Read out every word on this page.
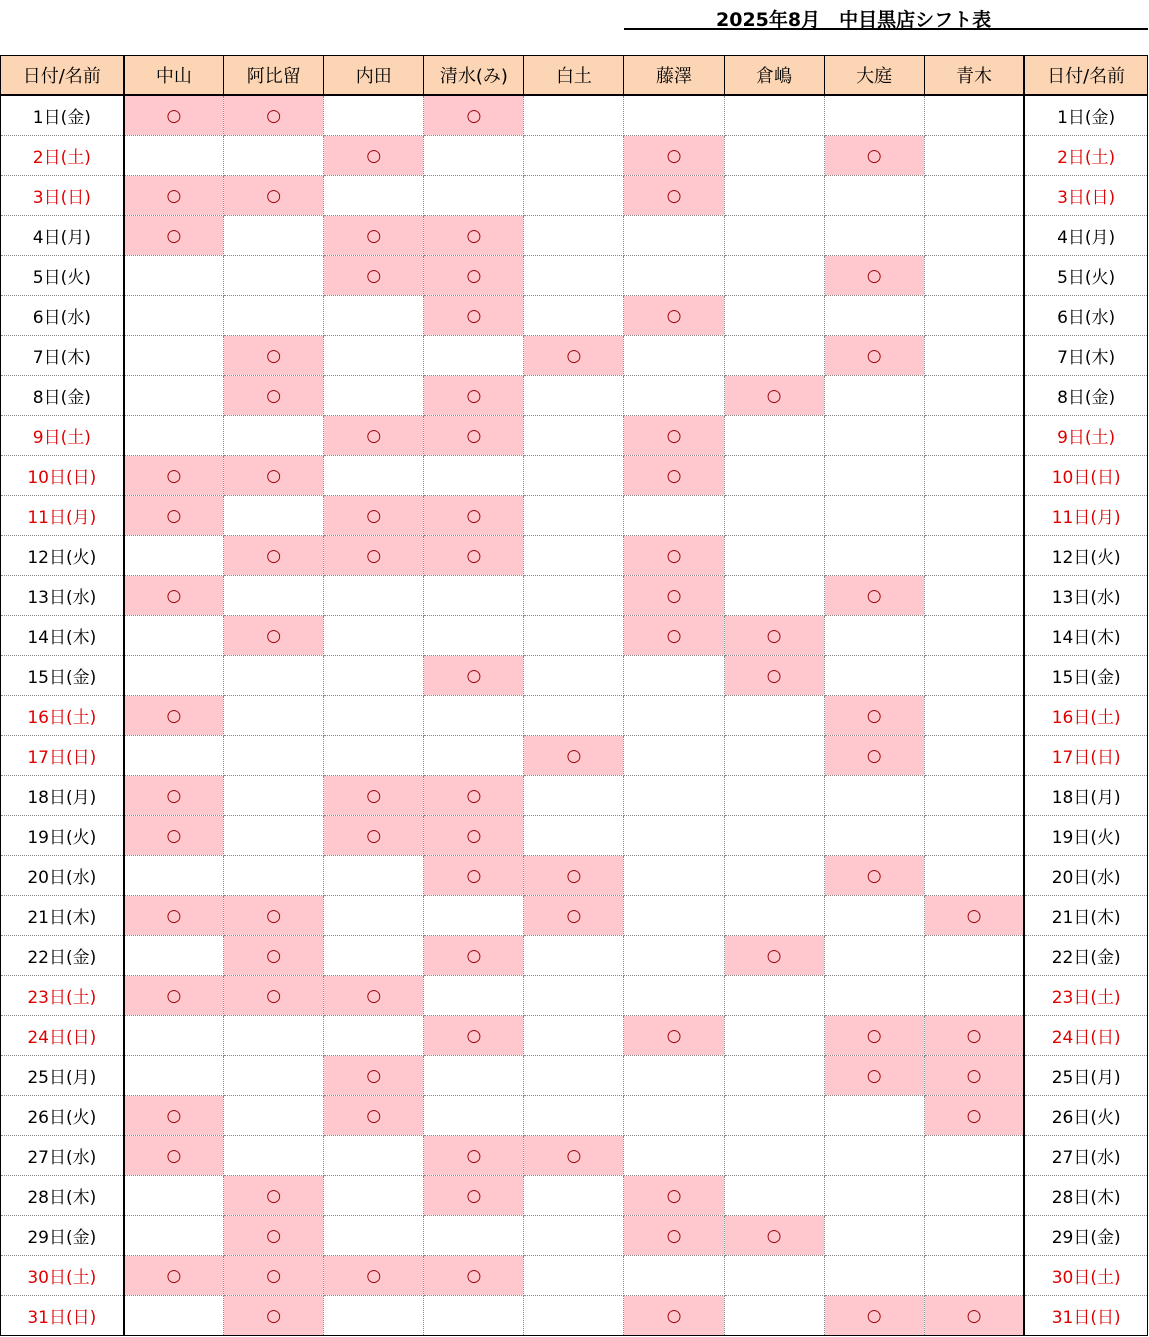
2025年8月　中目黒店シフト表
日付/名前	中山	阿比留	内田	清水(み)	白土	藤澤	倉嶋	大庭	青木	日付/名前
1日(金)	○	○		○						1日(金)
2日(土)			○			○		○		2日(土)
3日(日)	○	○				○				3日(日)
4日(月)	○		○	○						4日(月)
5日(火)			○	○				○		5日(火)
6日(水)				○		○				6日(水)
7日(木)		○			○			○		7日(木)
8日(金)		○		○			○			8日(金)
9日(土)			○	○		○				9日(土)
10日(日)	○	○				○				10日(日)
11日(月)	○		○	○						11日(月)
12日(火)		○	○	○		○				12日(火)
13日(水)	○					○		○		13日(水)
14日(木)		○				○	○			14日(木)
15日(金)				○			○			15日(金)
16日(土)	○							○		16日(土)
17日(日)					○			○		17日(日)
18日(月)	○		○	○						18日(月)
19日(火)	○		○	○						19日(火)
20日(水)				○	○			○		20日(水)
21日(木)	○	○			○				○	21日(木)
22日(金)		○		○			○			22日(金)
23日(土)	○	○	○							23日(土)
24日(日)				○		○		○	○	24日(日)
25日(月)			○					○	○	25日(月)
26日(火)	○		○						○	26日(火)
27日(水)	○			○	○					27日(水)
28日(木)		○		○		○				28日(木)
29日(金)		○				○	○			29日(金)
30日(土)	○	○	○	○						30日(土)
31日(日)		○				○		○	○	31日(日)
